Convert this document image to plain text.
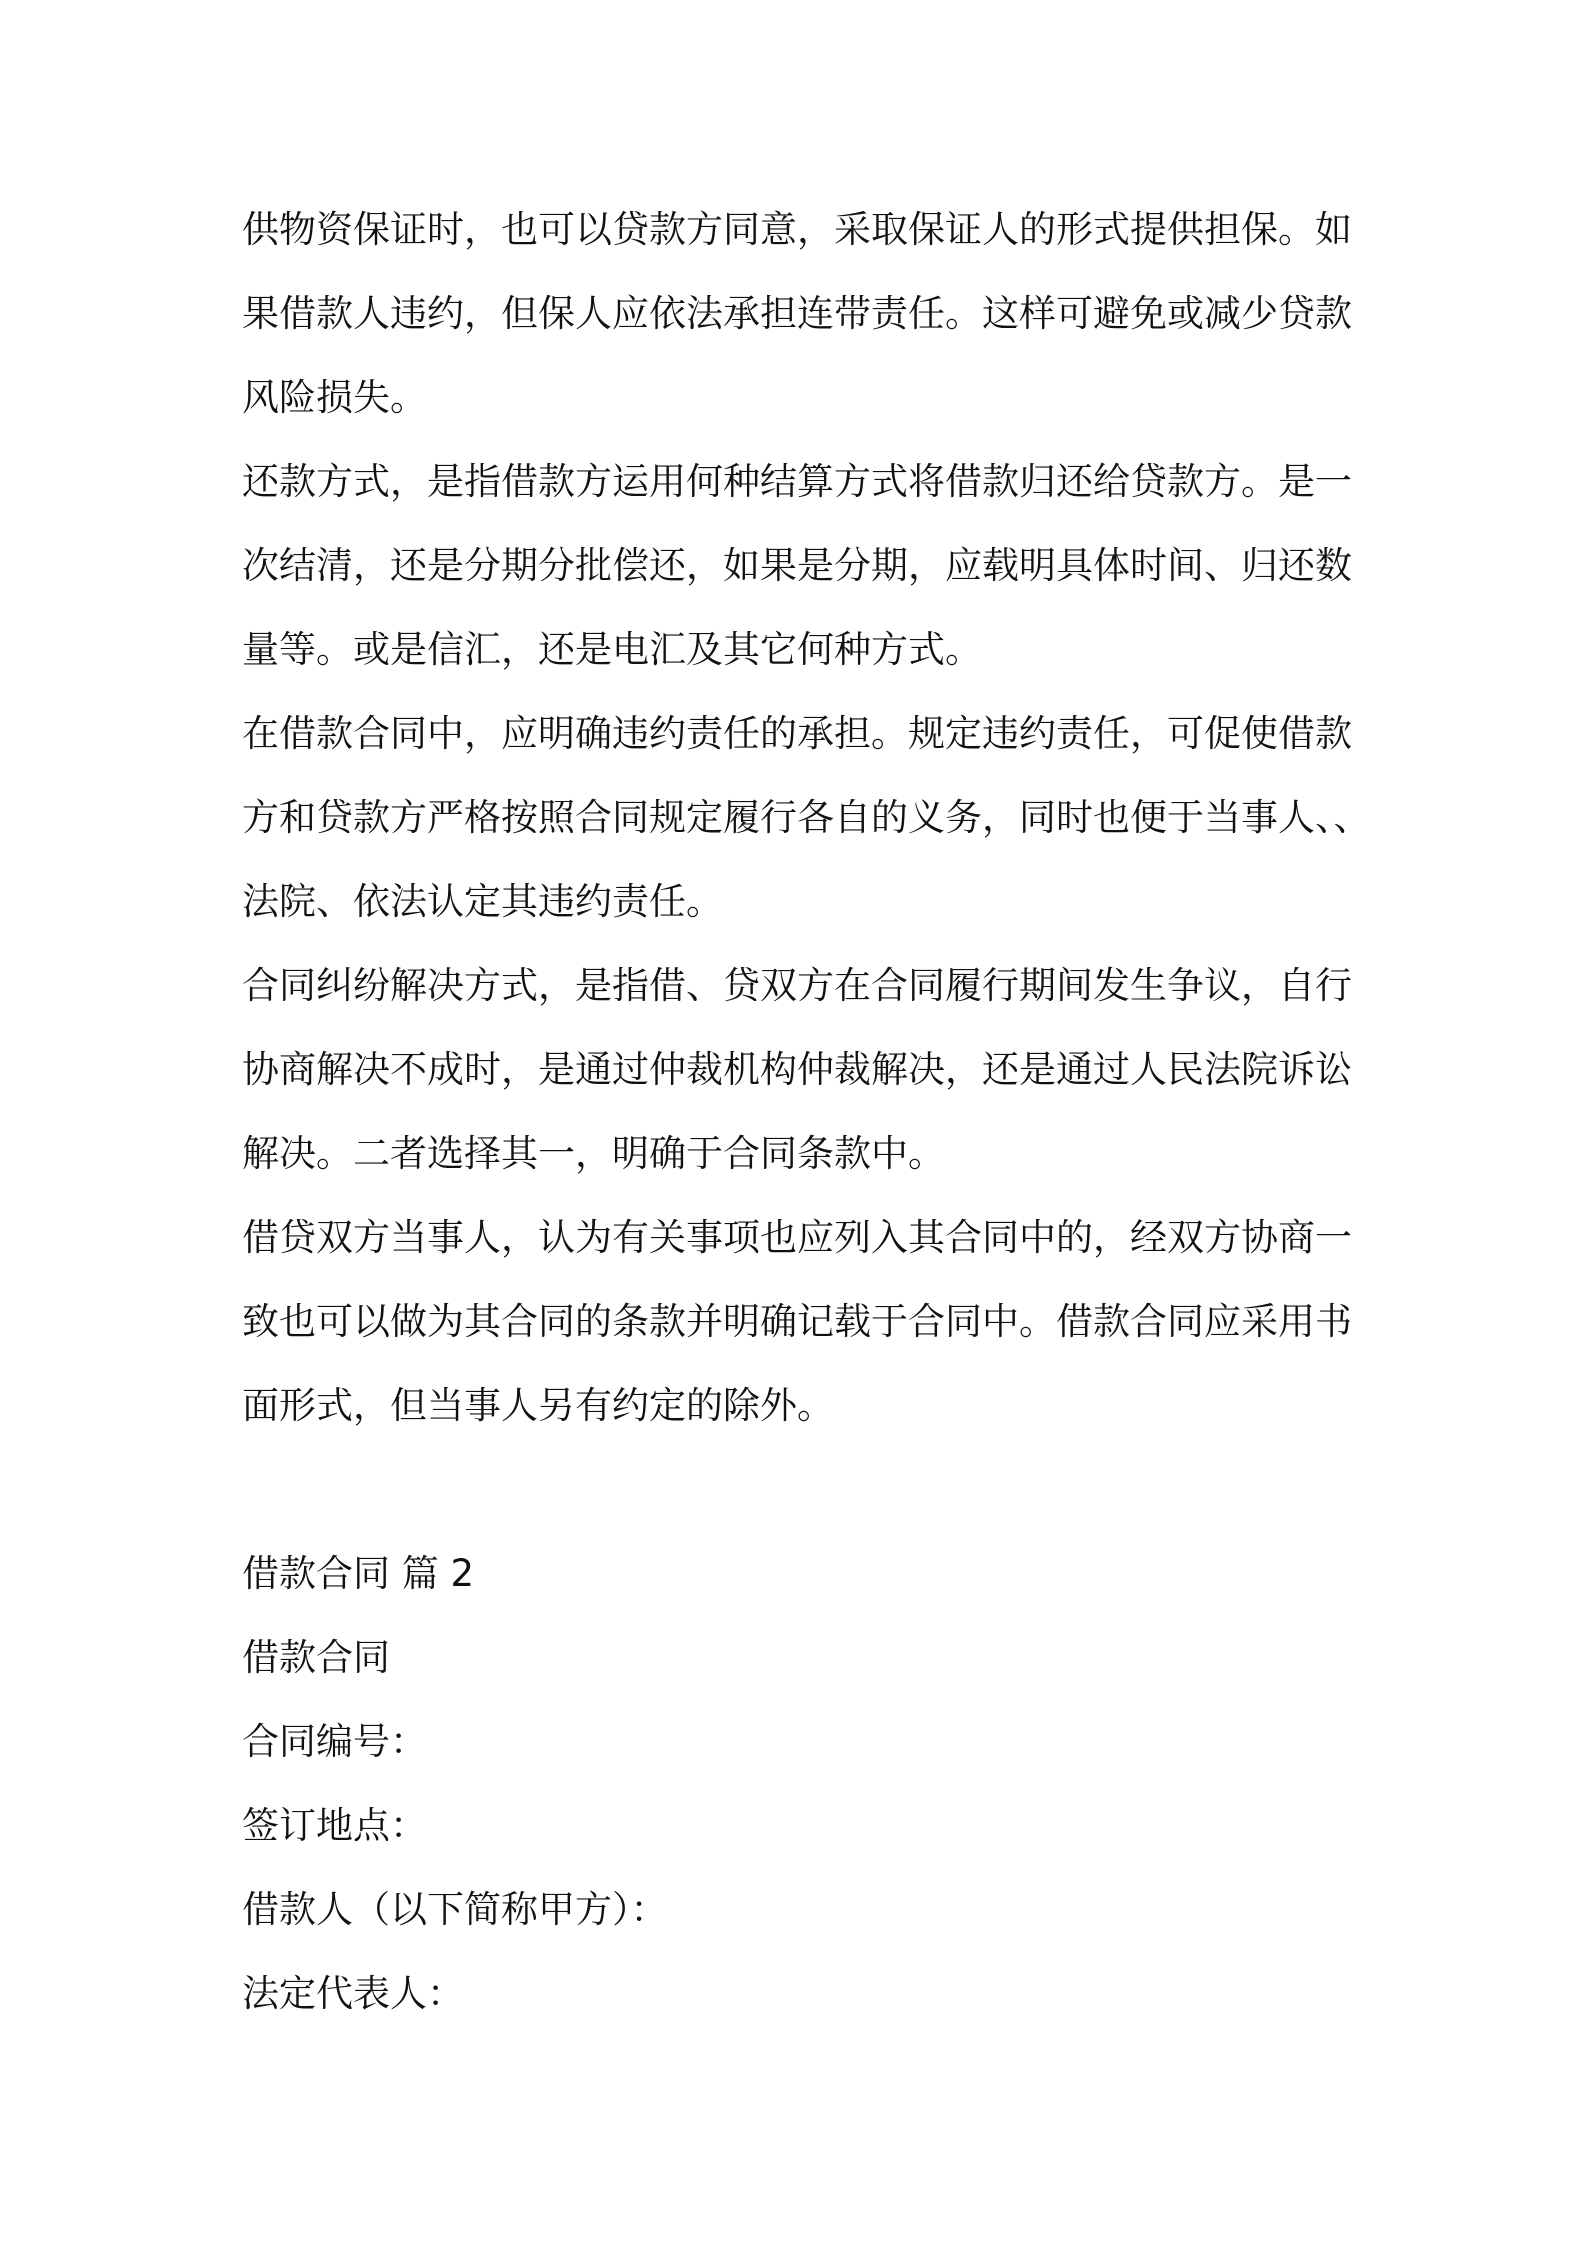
供物资保证时，也可以贷款方同意，采取保证人的形式提供担保。如
果借款人违约，但保人应依法承担连带责任。这样可避免或减少贷款
风险损失。
还款方式，是指借款方运用何种结算方式将借款归还给贷款方。是一
次结清，还是分期分批偿还，如果是分期，应载明具体时间、归还数
量等。或是信汇，还是电汇及其它何种方式。
在借款合同中，应明确违约责任的承担。规定违约责任，可促使借款
方和贷款方严格按照合同规定履行各自的义务，同时也便于当事人、、
法院、依法认定其违约责任。
合同纠纷解决方式，是指借、贷双方在合同履行期间发生争议，自行
协商解决不成时，是通过仲裁机构仲裁解决，还是通过人民法院诉讼
解决。二者选择其一，明确于合同条款中。
借贷双方当事人，认为有关事项也应列入其合同中的，经双方协商一
致也可以做为其合同的条款并明确记载于合同中。借款合同应采用书
面形式，但当事人另有约定的除外。
借款合同 篇 2
借款合同
合同编号：
签订地点：
借款人（以下简称甲方）：
法定代表人：
